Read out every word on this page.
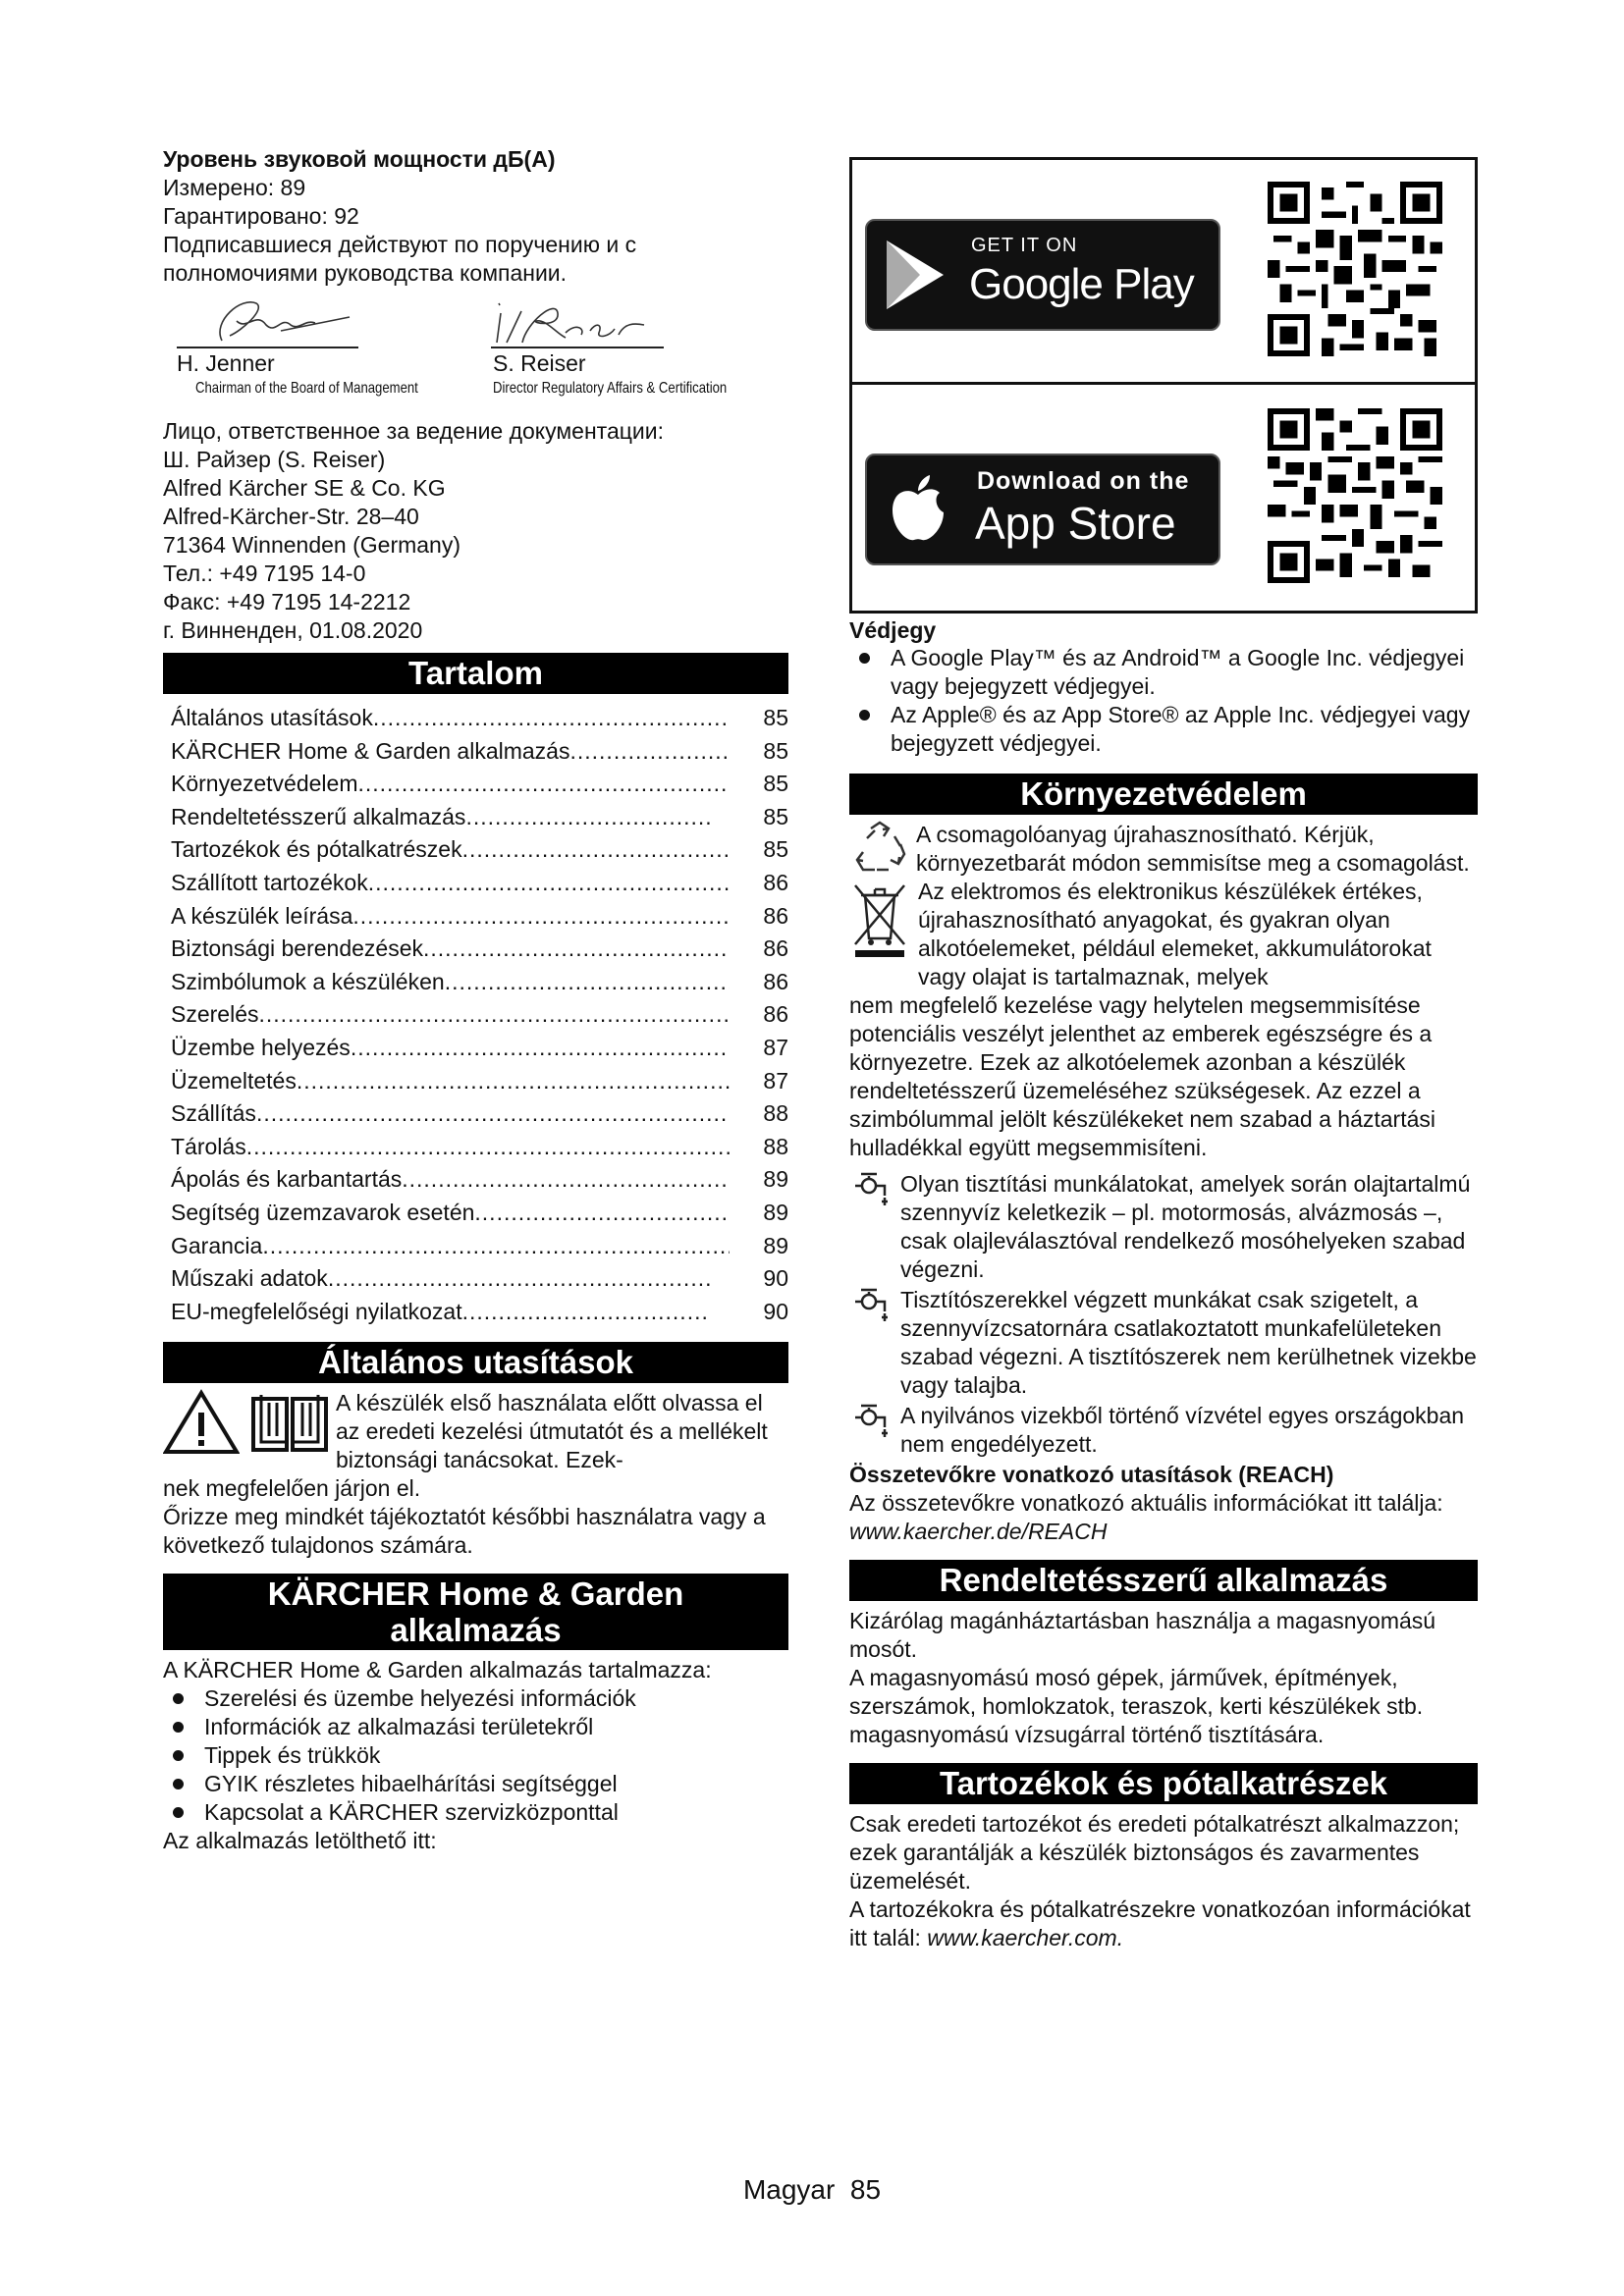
Уровень звуковой мощности дБ(A)

Измерено: 89

Гарантировано: 92

Подписавшиеся действуют по поручению и с полномочиями руководства компании.

H. Jenner
Chairman of the Board of Management
S. Reiser
Director Regulatory Affairs & Certification

Лицо, ответственное за ведение документации:

Ш. Райзер (S. Reiser)

Alfred Kärcher SE & Co. KG

Alfred-Kärcher-Str. 28–40

71364 Winnenden (Germany)

Тел.: +49 7195 14-0

Факс: +49 7195 14-2212

г. Винненден, 01.08.2020

Tartalom
Általános utasítások .....	85
KÄRCHER Home & Garden alkalmazás .....	85
Környezetvédelem .....	85
Rendeltetésszerű alkalmazás .....	85
Tartozékok és pótalkatrészek .....	85
Szállított tartozékok .....	86
A készülék leírása .....	86
Biztonsági berendezések .....	86
Szimbólumok a készüléken .....	86
Szerelés .....	86
Üzembe helyezés .....	87
Üzemeltetés .....	87
Szállítás .....	88
Tárolás .....	88
Ápolás és karbantartás .....	89
Segítség üzemzavarok esetén .....	89
Garancia .....	89
Műszaki adatok .....	90
EU-megfelelőségi nyilatkozat .....	90
Általános utasítások

A készülék első használata előtt olvassa el az eredeti kezelési útmutatót és a mellékelt biztonsági tanácsokat. Ezek-

nek megfelelően járjon el.

Őrizze meg mindkét tájékoztatót későbbi használatra vagy a következő tulajdonos számára.

KÄRCHER Home & Garden alkalmazás

A KÄRCHER Home & Garden alkalmazás tartalmazza:

Szerelési és üzembe helyezési információk
Információk az alkalmazási területekről
Tippek és trükkök
GYIK részletes hibaelhárítási segítséggel
Kapcsolat a KÄRCHER szervizközponttal

Az alkalmazás letölthető itt:

GET IT ON
Google Play
Download on the
App Store

Védjegy

A Google Play™ és az Android™ a Google Inc. védjegyei vagy bejegyzett védjegyei.
Az Apple® és az App Store® az Apple Inc. védjegyei vagy bejegyzett védjegyei.
Környezetvédelem

A csomagolóanyag újrahasznosítható. Kérjük, környezetbarát módon semmisítse meg a csomagolást.

Az elektromos és elektronikus készülékek értékes, újrahasznosítható anyagokat, és gyakran olyan alkotóelemeket, például elemeket, akkumulátorokat vagy olajat is tartalmaznak, melyek

nem megfelelő kezelése vagy helytelen megsemmisítése potenciális veszélyt jelenthet az emberek egészségre és a környezetre. Ezek az alkotóelemek azonban a készülék rendeltetésszerű üzemeléséhez szükségesek. Az ezzel a szimbólummal jelölt készülékeket nem szabad a háztartási hulladékkal együtt megsemmisíteni.

Olyan tisztítási munkálatokat, amelyek során olajtartalmú szennyvíz keletkezik – pl. motormosás, alvázmosás –, csak olajleválasztóval rendelkező mosóhelyeken szabad végezni.

Tisztítószerekkel végzett munkákat csak szigetelt, a szennyvízcsatornára csatlakoztatott munkafelületeken szabad végezni. A tisztítószerek nem kerülhetnek vizekbe vagy talajba.

A nyilvános vizekből történő vízvétel egyes országokban nem engedélyezett.

Összetevőkre vonatkozó utasítások (REACH)

Az összetevőkre vonatkozó aktuális információkat itt találja: www.kaercher.de/REACH

Rendeltetésszerű alkalmazás

Kizárólag magánháztartásban használja a magasnyomású mosót.

A magasnyomású mosó gépek, járművek, építmények, szerszámok, homlokzatok, teraszok, kerti készülékek stb. magasnyomású vízsugárral történő tisztítására.

Tartozékok és pótalkatrészek

Csak eredeti tartozékot és eredeti pótalkatrészt alkalmazzon; ezek garantálják a készülék biztonságos és zavarmentes üzemelését.

A tartozékokra és pótalkatrészekre vonatkozóan információkat itt talál: www.kaercher.com.

Magyar 85
